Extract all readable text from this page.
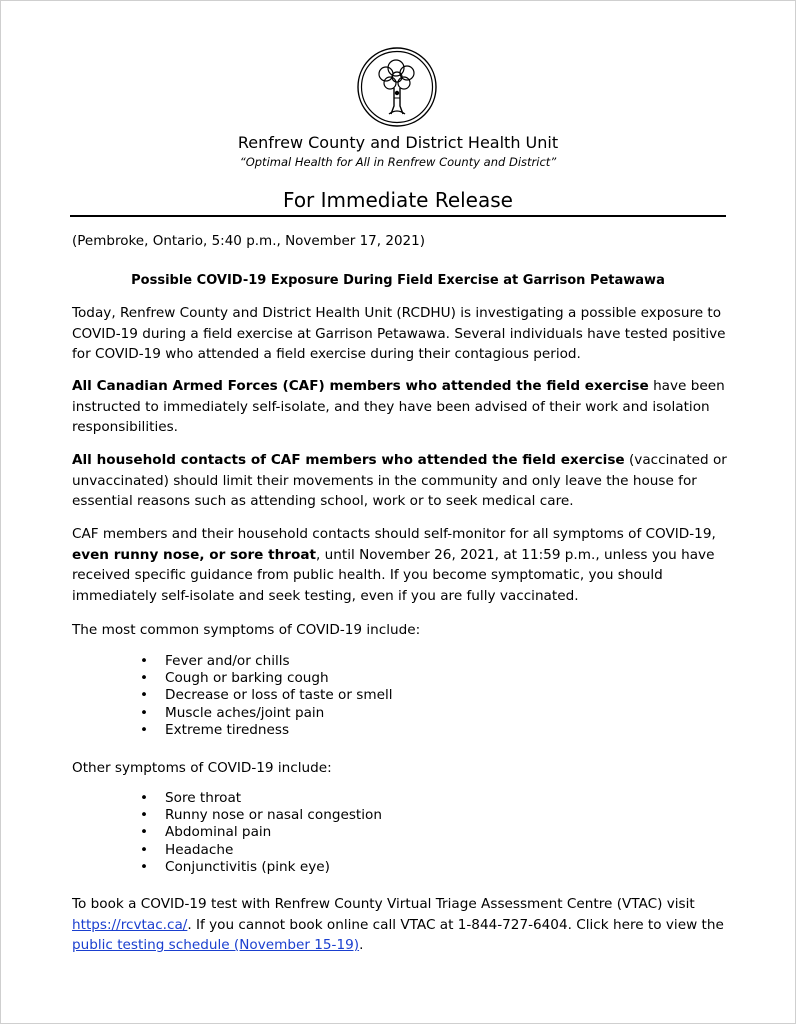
Renfrew County and District Health Unit
“Optimal Health for All in Renfrew County and District”
For Immediate Release
(Pembroke, Ontario, 5:40 p.m., November 17, 2021)
Possible COVID-19 Exposure During Field Exercise at Garrison Petawawa

Today, Renfrew County and District Health Unit (RCDHU) is investigating a possible exposure to COVID-19 during a field exercise at Garrison Petawawa. Several individuals have tested positive for COVID-19 who attended a field exercise during their contagious period.

All Canadian Armed Forces (CAF) members who attended the field exercise have been instructed to immediately self-isolate, and they have been advised of their work and isolation responsibilities.

All household contacts of CAF members who attended the field exercise (vaccinated or unvaccinated) should limit their movements in the community and only leave the house for essential reasons such as attending school, work or to seek medical care.

CAF members and their household contacts should self-monitor for all symptoms of COVID-19, even runny nose, or sore throat, until November 26, 2021, at 11:59 p.m., unless you have received specific guidance from public health. If you become symptomatic, you should immediately self-isolate and seek testing, even if you are fully vaccinated.

The most common symptoms of COVID-19 include:

• Fever and/or chills
• Cough or barking cough
• Decrease or loss of taste or smell
• Muscle aches/joint pain
• Extreme tiredness

Other symptoms of COVID-19 include:

• Sore throat
• Runny nose or nasal congestion
• Abdominal pain
• Headache
• Conjunctivitis (pink eye)

To book a COVID-19 test with Renfrew County Virtual Triage Assessment Centre (VTAC) visit https://rcvtac.ca/. If you cannot book online call VTAC at 1-844-727-6404. Click here to view the public testing schedule (November 15-19).
